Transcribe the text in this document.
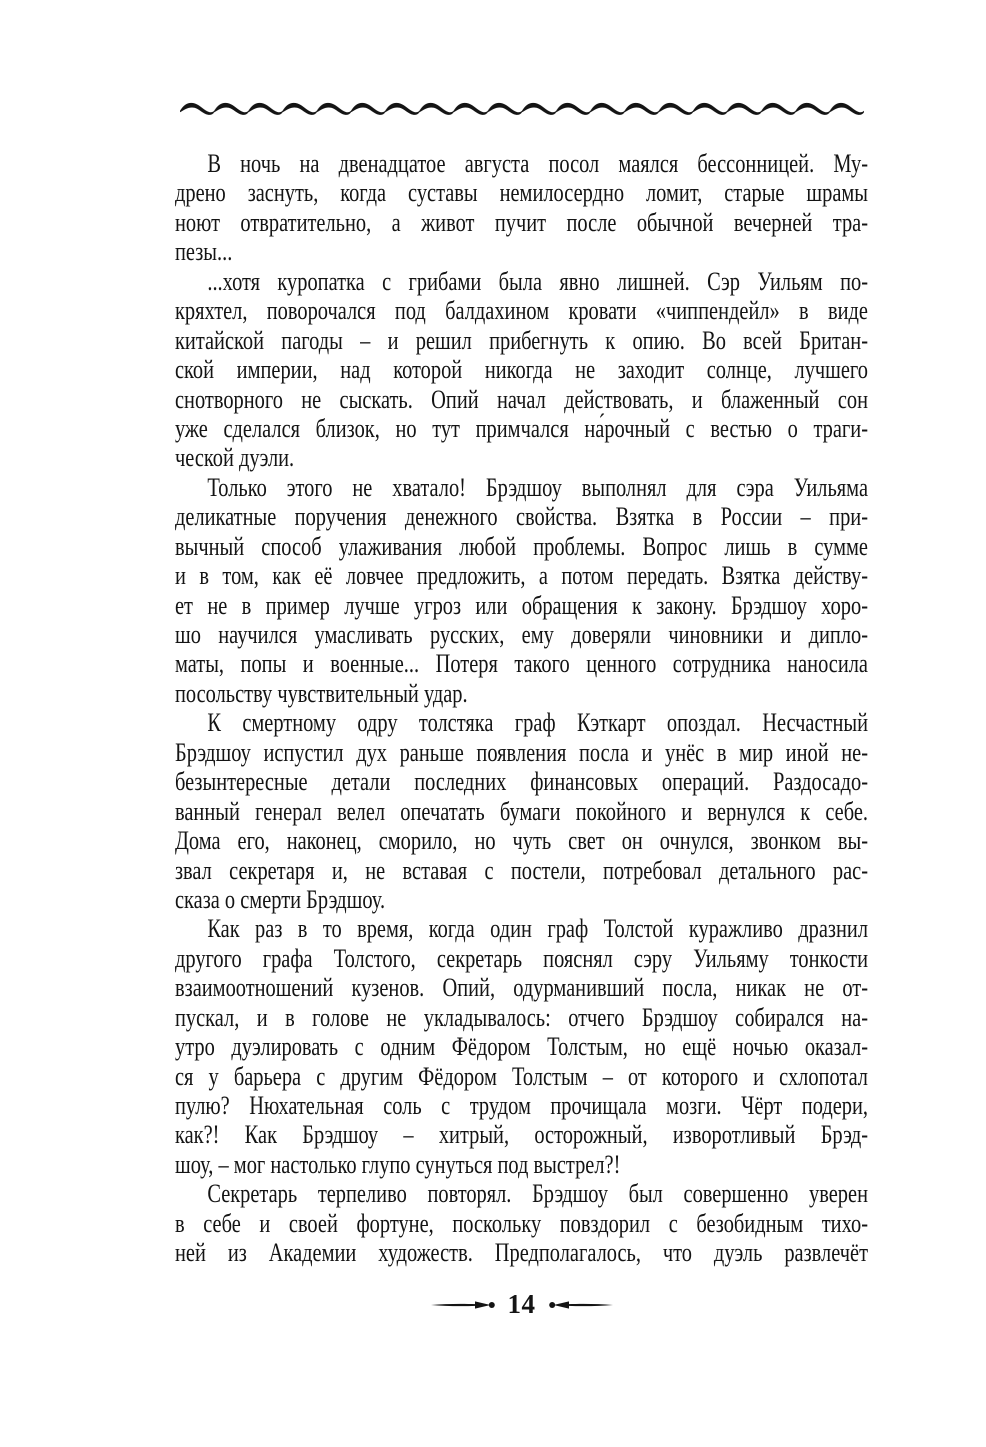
В ночь на двенадцатое августа посол маялся бессонницей. Му-
дрено заснуть, когда суставы немилосердно ломит, старые шрамы
ноют отвратительно, а живот пучит после обычной вечерней тра-
пезы...
...хотя куропатка с грибами была явно лишней. Сэр Уильям по-
кряхтел, поворочался под балдахином кровати «чиппендейл» в виде
китайской пагоды – и решил прибегнуть к опию. Во всей Британ-
ской империи, над которой никогда не заходит солнце, лучшего
снотворного не сыскать. Опий начал действовать, и блаженный сон
уже сделался близок, но тут примчался на́рочный с вестью о траги-
ческой дуэли.
Только этого не хватало! Брэдшоу выполнял для сэра Уильяма
деликатные поручения денежного свойства. Взятка в России – при-
вычный способ улаживания любой проблемы. Вопрос лишь в сумме
и в том, как её ловчее предложить, а потом передать. Взятка действу-
ет не в пример лучше угроз или обращения к закону. Брэдшоу хоро-
шо научился умасливать русских, ему доверяли чиновники и дипло-
маты, попы и военные... Потеря такого ценного сотрудника наносила
посольству чувствительный удар.
К смертному одру толстяка граф Кэткарт опоздал. Несчастный
Брэдшоу испустил дух раньше появления посла и унёс в мир иной не-
безынтересные детали последних финансовых операций. Раздосадо-
ванный генерал велел опечатать бумаги покойного и вернулся к себе.
Дома его, наконец, сморило, но чуть свет он очнулся, звонком вы-
звал секретаря и, не вставая с постели, потребовал детального рас-
сказа о смерти Брэдшоу.
Как раз в то время, когда один граф Толстой куражливо дразнил
другого графа Толстого, секретарь пояснял сэру Уильяму тонкости
взаимоотношений кузенов. Опий, одурманивший посла, никак не от-
пускал, и в голове не укладывалось: отчего Брэдшоу собирался на-
утро дуэлировать с одним Фёдором Толстым, но ещё ночью оказал-
ся у барьера с другим Фёдором Толстым – от которого и схлопотал
пулю? Нюхательная соль с трудом прочищала мозги. Чёрт подери,
как?! Как Брэдшоу – хитрый, осторожный, изворотливый Брэд-
шоу, – мог настолько глупо сунуться под выстрел?!
Секретарь терпеливо повторял. Брэдшоу был совершенно уверен
в себе и своей фортуне, поскольку повздорил с безобидным тихо-
ней из Академии художеств. Предполагалось, что дуэль развлечёт
14
